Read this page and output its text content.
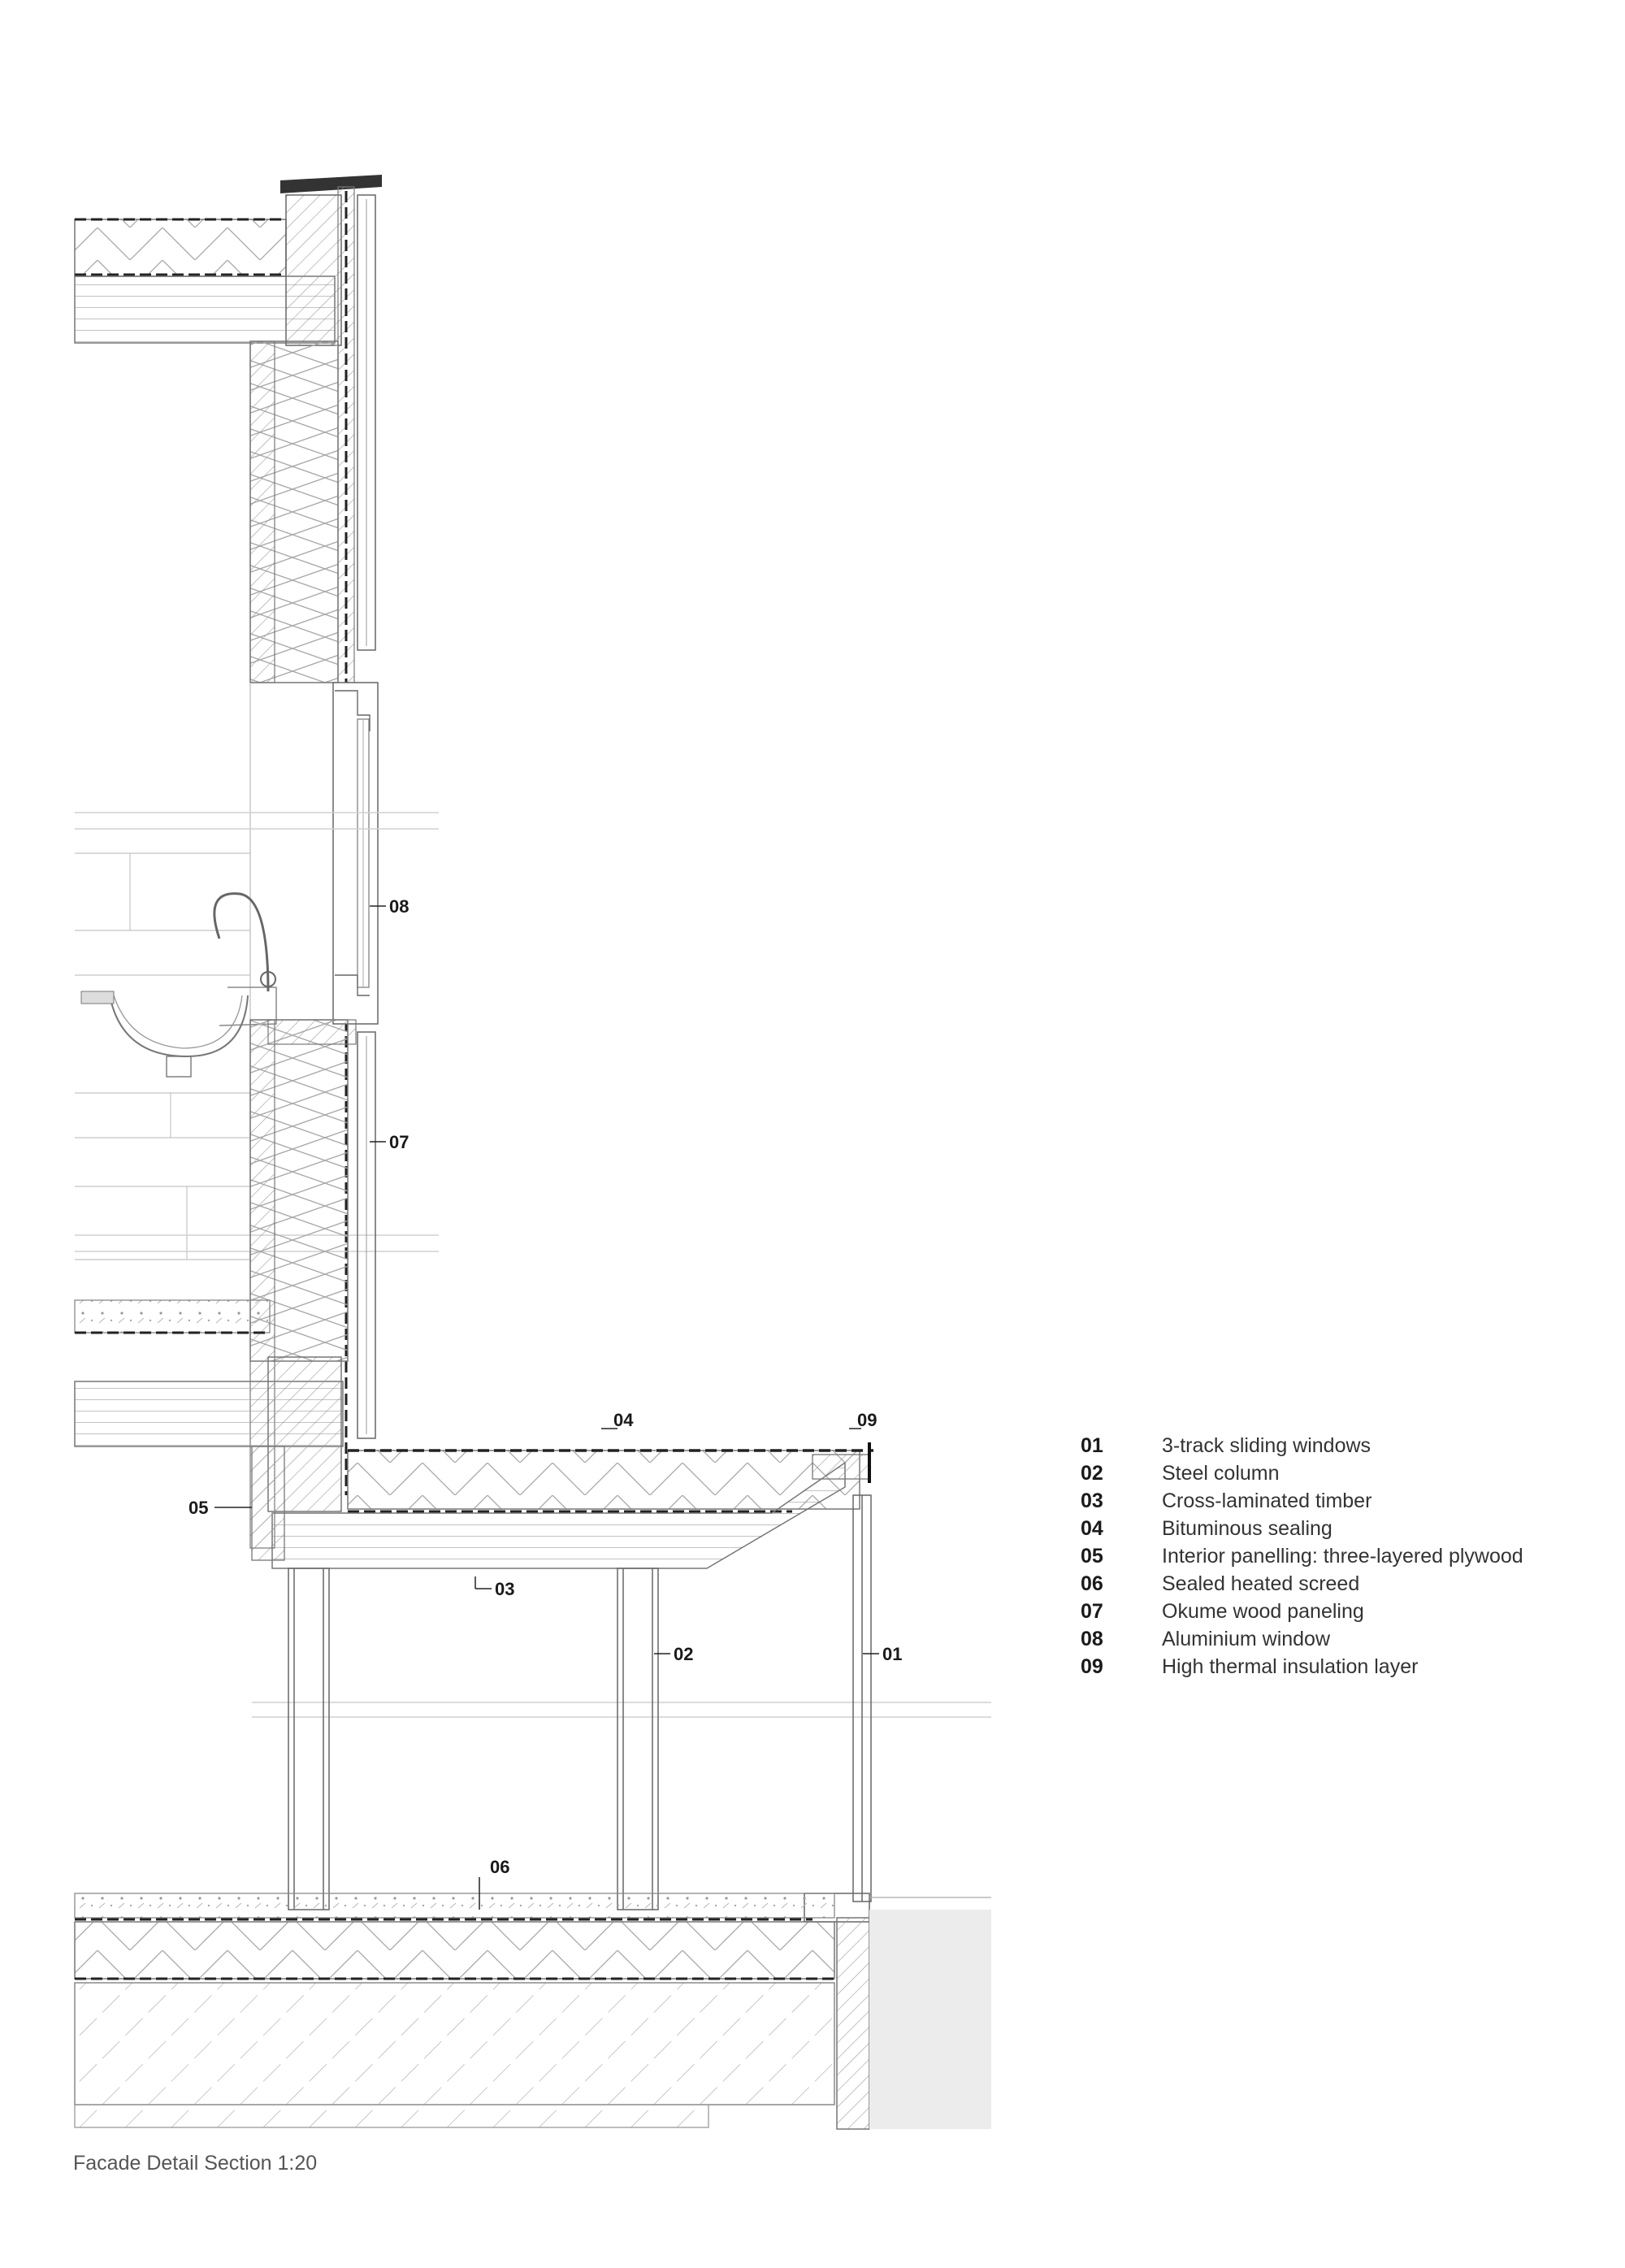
08
07
04	09
05
03
02	01
06
01	3-track sliding windows
02	Steel column
03	Cross-laminated timber
04	Bituminous sealing
05	Interior panelling: three-layered plywood
06	Sealed heated screed
07	Okume wood paneling
08	Aluminium window
09	High thermal insulation layer
Facade Detail Section 1:20
